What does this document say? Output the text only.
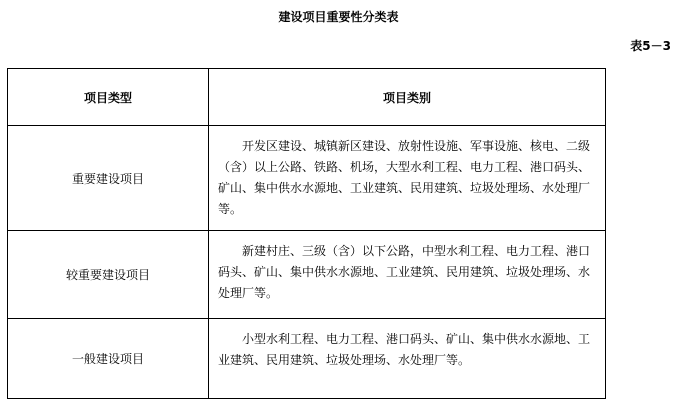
建设项目重要性分类表
表5－3
项目类型	项目类别
重要建设项目	开发区建设、城镇新区建设、放射性设施、军事设施、核电、二级（含）以上公路、铁路、机场，大型水利工程、电力工程、港口码头、矿山、集中供水水源地、工业建筑、民用建筑、垃圾处理场、水处理厂等。
较重要建设项目	新建村庄、三级（含）以下公路，中型水利工程、电力工程、港口码头、矿山、集中供水水源地、工业建筑、民用建筑、垃圾处理场、水处理厂等。
一般建设项目	小型水利工程、电力工程、港口码头、矿山、集中供水水源地、工业建筑、民用建筑、垃圾处理场、水处理厂等。
